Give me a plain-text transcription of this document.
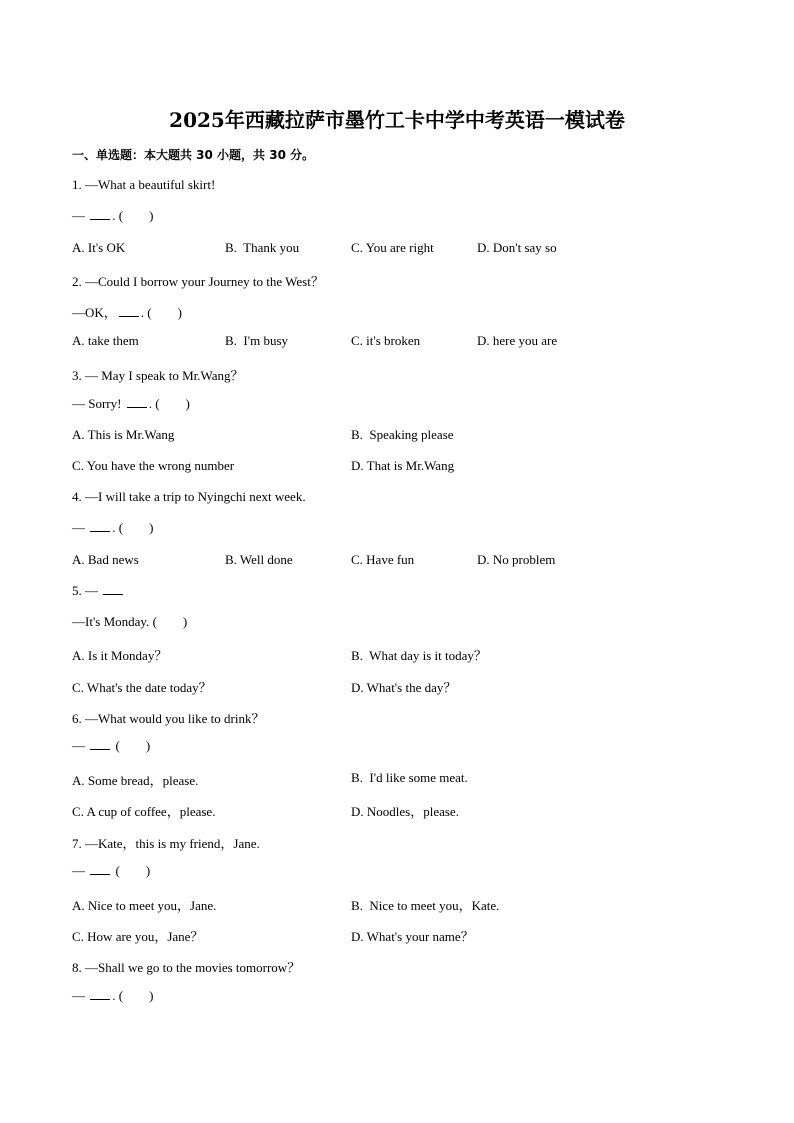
2025年西藏拉萨市墨竹工卡中学中考英语一模试卷
一、单选题：本大题共 30 小题，共 30 分。
1. —What a beautiful skirt!
— . (        )
A. It's OK	B.  Thank you	C. You are right	D. Don't say so
2. —Could I borrow your Journey to the West？
—OK， . (        )
A. take them	B.  I'm busy	C. it's broken	D. here you are
3. — May I speak to Mr.Wang？
— Sorry! . (        )
A. This is Mr.Wang	B.  Speaking please
C. You have the wrong number	D. That is Mr.Wang
4. —I will take a trip to Nyingchi next week.
— . (        )
A. Bad news	B. Well done	C. Have fun	D. No problem
5. —
—It's Monday. (        )
A. Is it Monday？	B.  What day is it today？
C. What's the date today？	D. What's the day？
6. —What would you like to drink？
—  (        )
A. Some bread，please.	B.  I'd like some meat.
C. A cup of coffee，please.	D. Noodles，please.
7. —Kate，this is my friend，Jane.
—  (        )
A. Nice to meet you，Jane.	B.  Nice to meet you，Kate.
C. How are you，Jane？	D. What's your name？
8. —Shall we go to the movies tomorrow？
— . (        )
